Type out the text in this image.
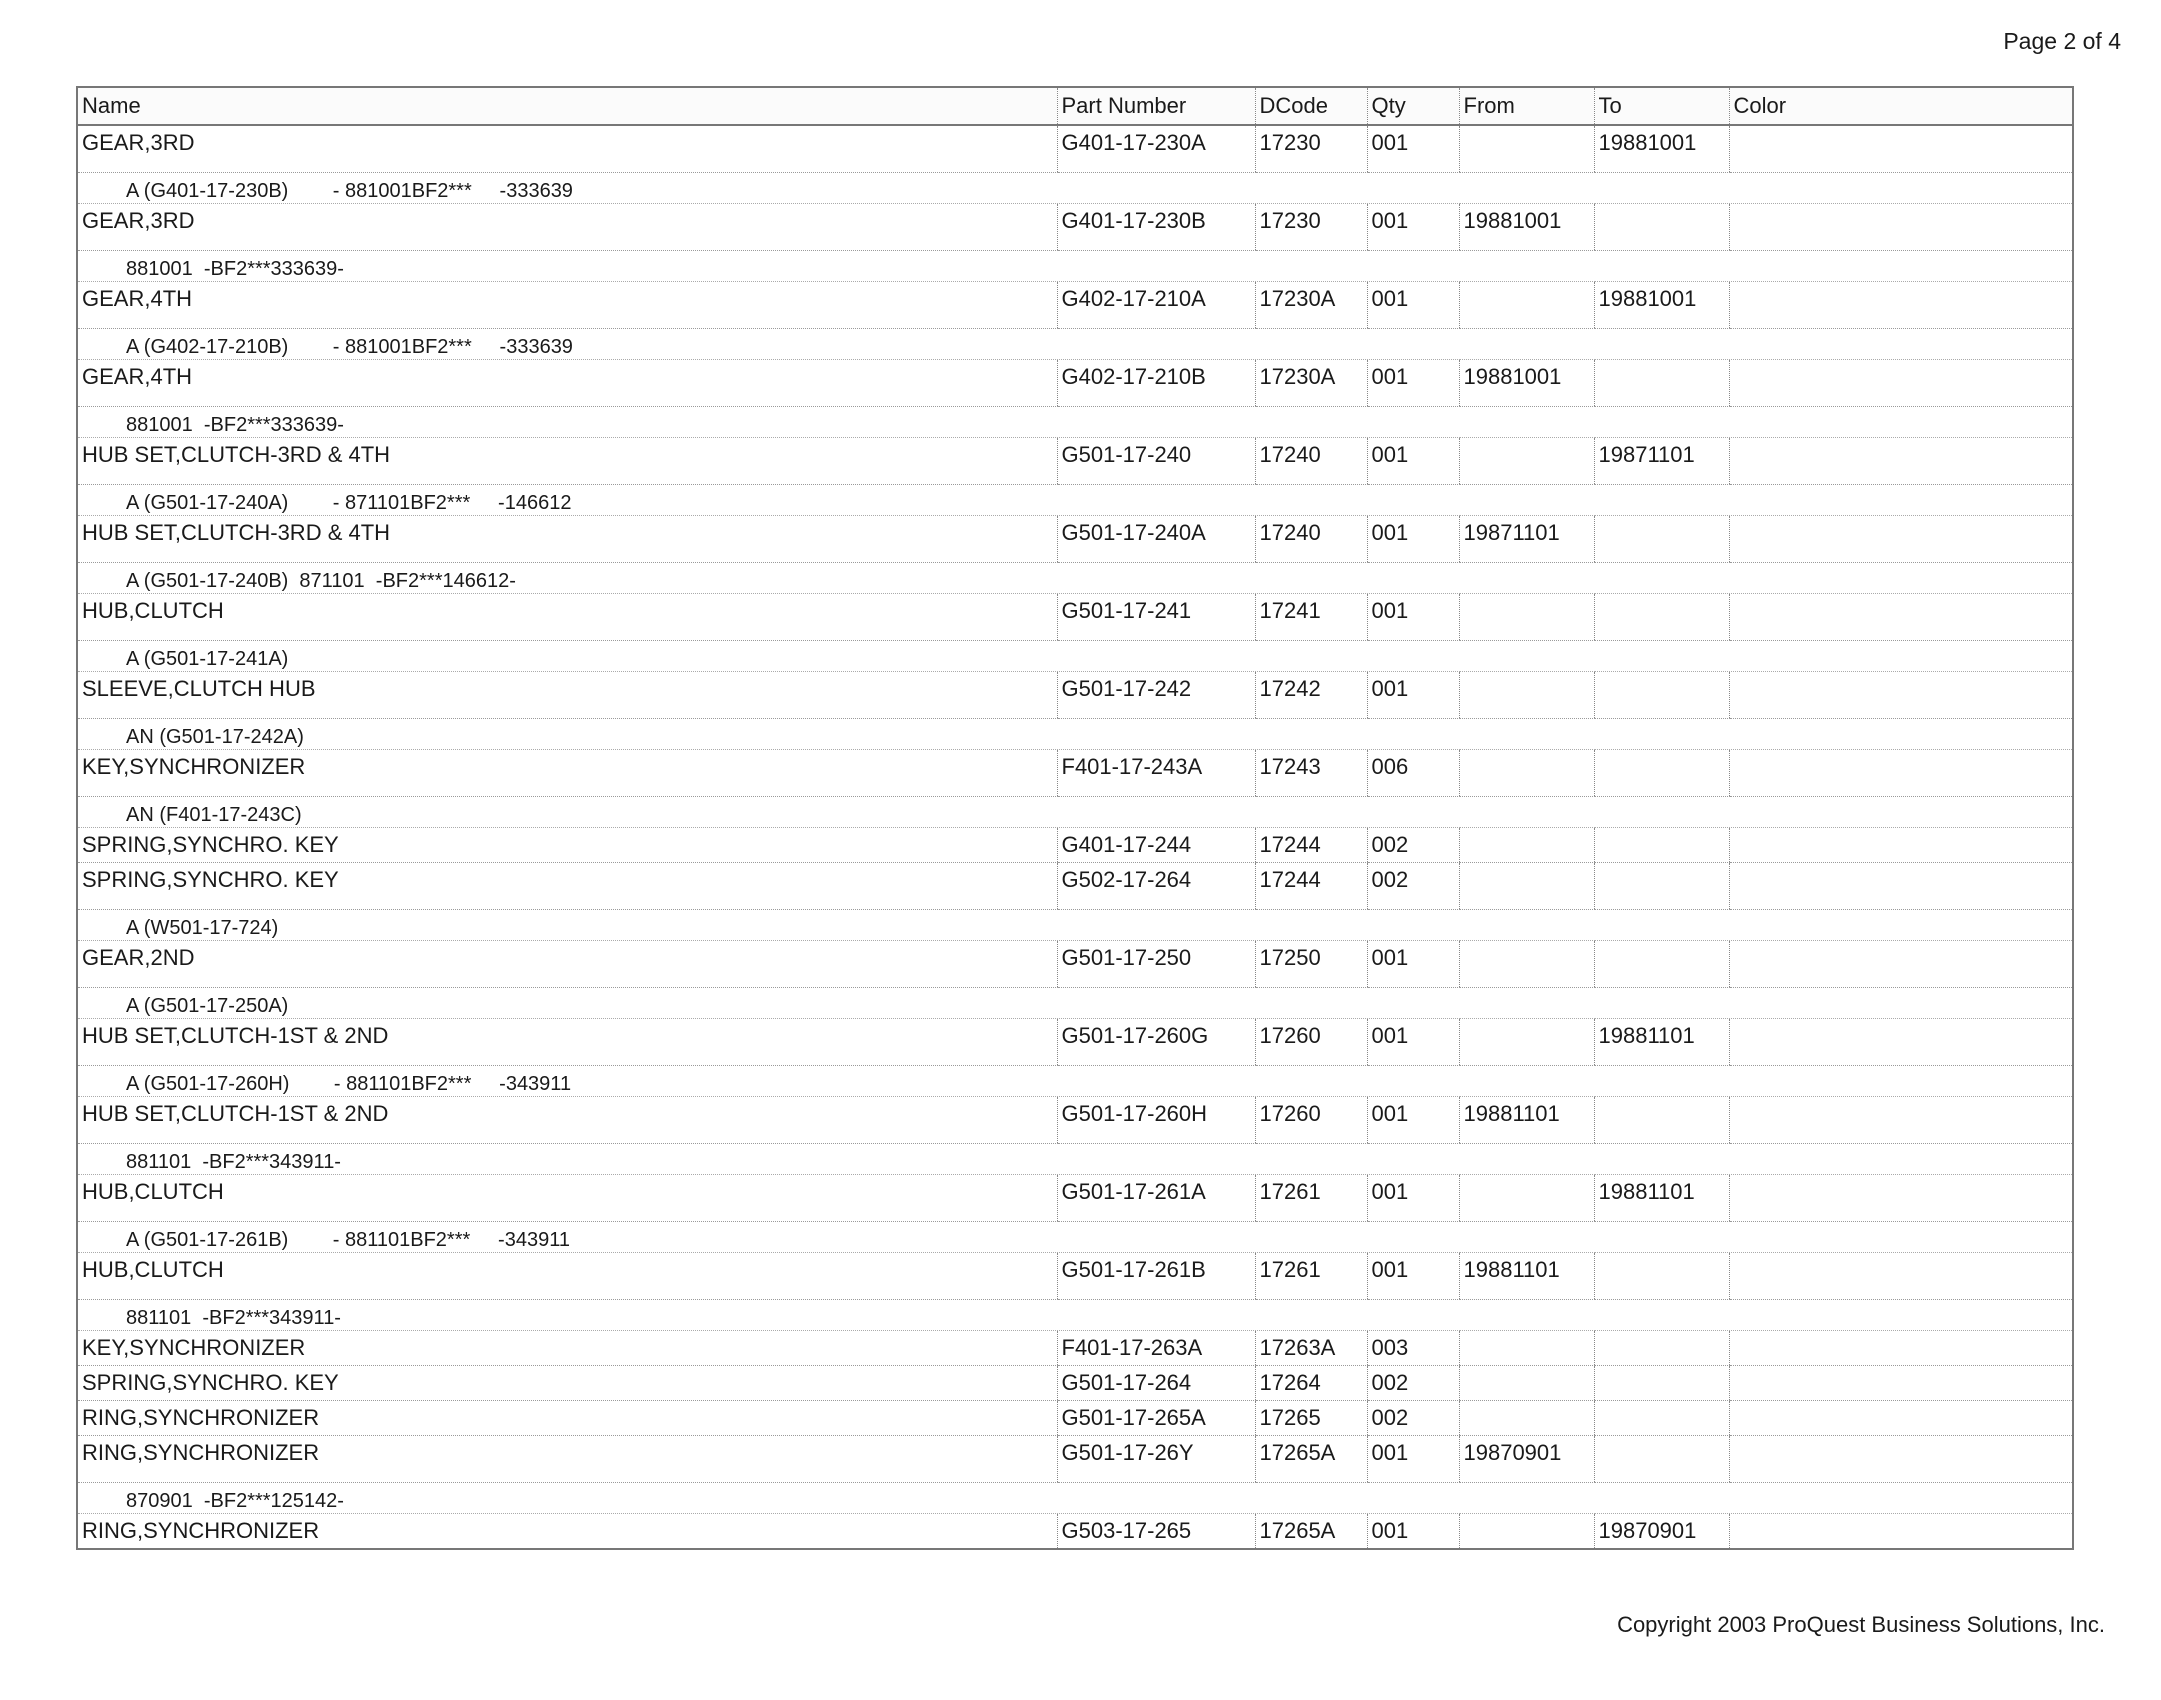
Page 2 of 4
Name	Part Number	DCode	Qty	From	To	Color
GEAR,3RD	G401-17-230A	17230	001		19881001	
A (G401-17-230B)        - 881001BF2***     -333639						
GEAR,3RD	G401-17-230B	17230	001	19881001		
881001  -BF2***333639-						
GEAR,4TH	G402-17-210A	17230A	001		19881001	
A (G402-17-210B)        - 881001BF2***     -333639						
GEAR,4TH	G402-17-210B	17230A	001	19881001		
881001  -BF2***333639-						
HUB SET,CLUTCH-3RD & 4TH	G501-17-240	17240	001		19871101	
A (G501-17-240A)        - 871101BF2***     -146612						
HUB SET,CLUTCH-3RD & 4TH	G501-17-240A	17240	001	19871101		
A (G501-17-240B)  871101  -BF2***146612-						
HUB,CLUTCH	G501-17-241	17241	001			
A (G501-17-241A)						
SLEEVE,CLUTCH HUB	G501-17-242	17242	001			
AN (G501-17-242A)						
KEY,SYNCHRONIZER	F401-17-243A	17243	006			
AN (F401-17-243C)						
SPRING,SYNCHRO. KEY	G401-17-244	17244	002			
SPRING,SYNCHRO. KEY	G502-17-264	17244	002			
A (W501-17-724)						
GEAR,2ND	G501-17-250	17250	001			
A (G501-17-250A)						
HUB SET,CLUTCH-1ST & 2ND	G501-17-260G	17260	001		19881101	
A (G501-17-260H)        - 881101BF2***     -343911						
HUB SET,CLUTCH-1ST & 2ND	G501-17-260H	17260	001	19881101		
881101  -BF2***343911-						
HUB,CLUTCH	G501-17-261A	17261	001		19881101	
A (G501-17-261B)        - 881101BF2***     -343911						
HUB,CLUTCH	G501-17-261B	17261	001	19881101		
881101  -BF2***343911-						
KEY,SYNCHRONIZER	F401-17-263A	17263A	003			
SPRING,SYNCHRO. KEY	G501-17-264	17264	002			
RING,SYNCHRONIZER	G501-17-265A	17265	002			
RING,SYNCHRONIZER	G501-17-26Y	17265A	001	19870901		
870901  -BF2***125142-						
RING,SYNCHRONIZER	G503-17-265	17265A	001		19870901	
Copyright 2003 ProQuest Business Solutions, Inc.
